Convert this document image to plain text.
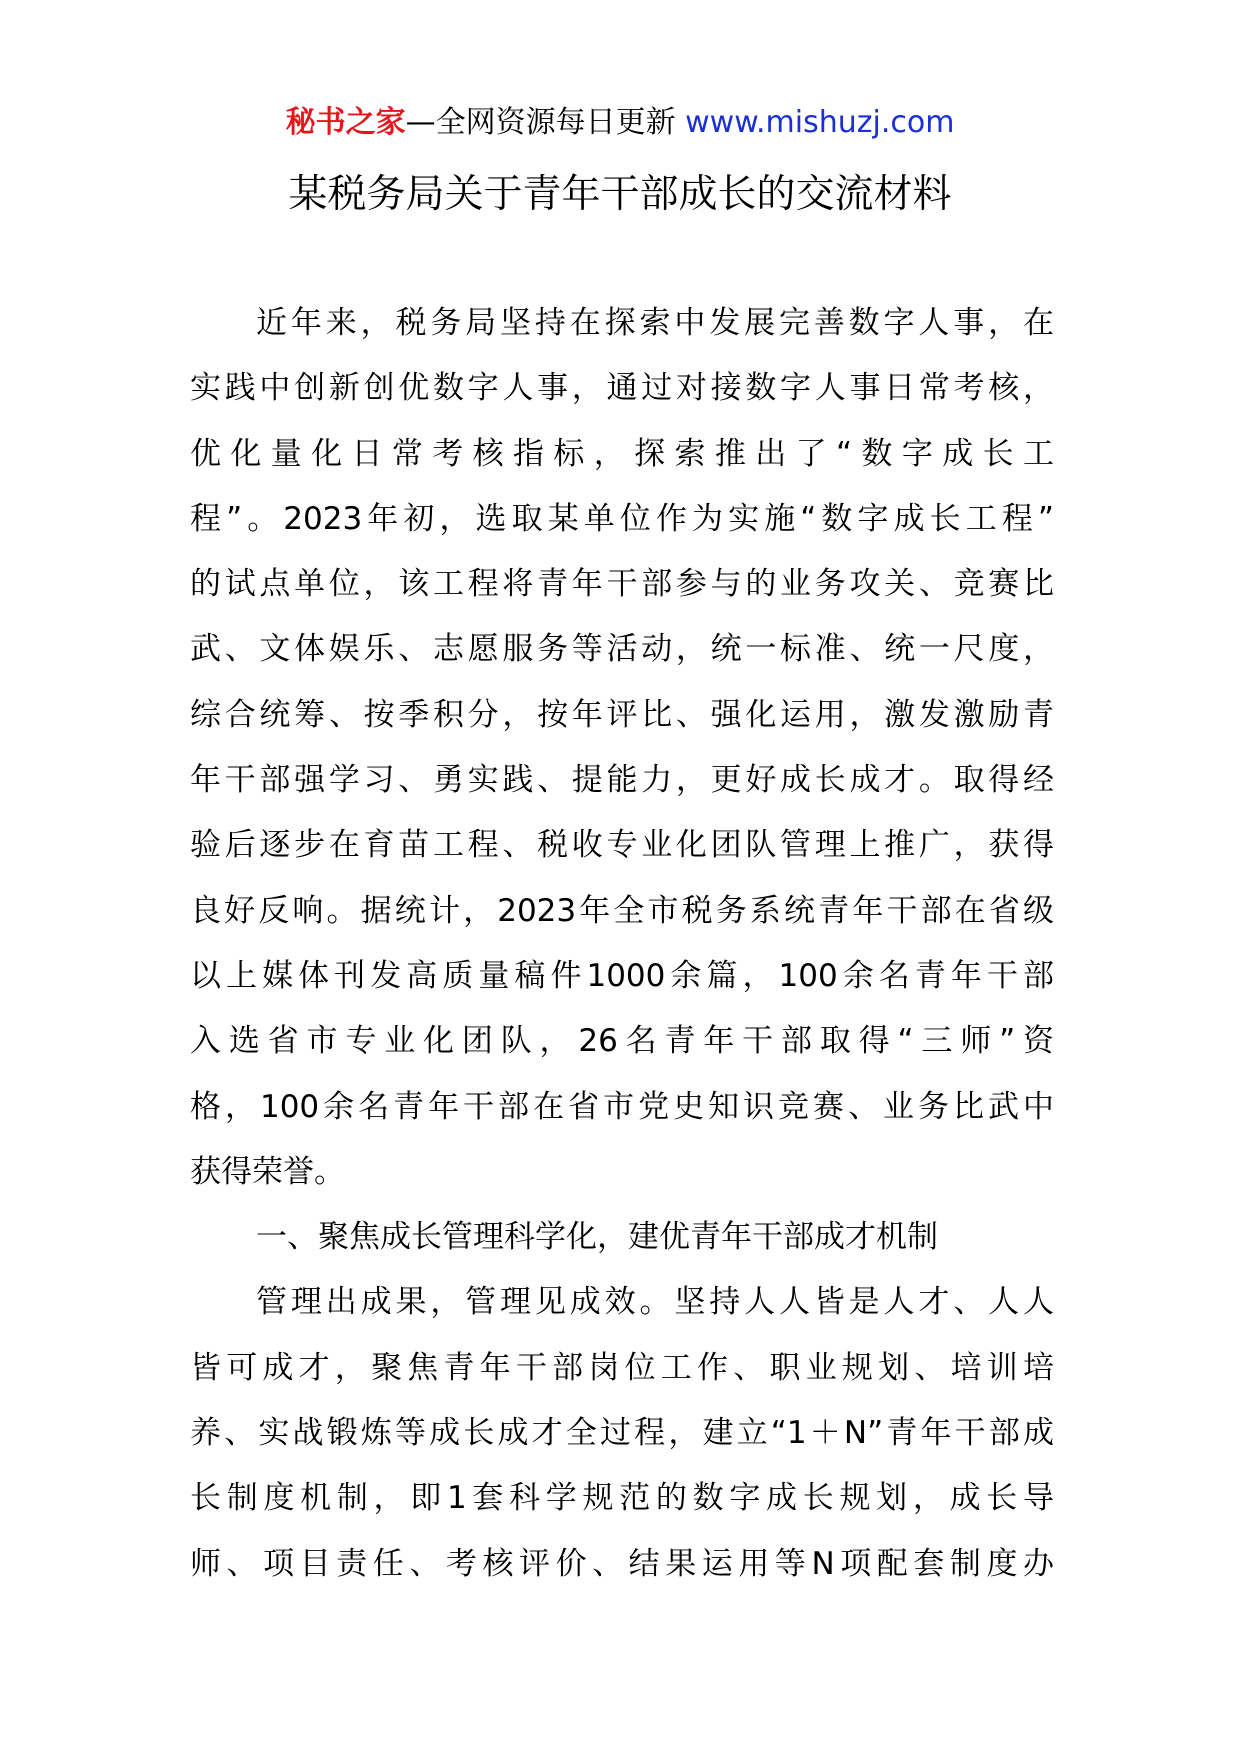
秘书之家—全网资源每日更新 www.mishuzj.com
某税务局关于青年干部成长的交流材料
近年来，税务局坚持在探索中发展完善数字人事，在
实践中创新创优数字人事，通过对接数字人事日常考核，
优化量化日常考核指标，探索推出了“数字成长工
程”。2023年初，选取某单位作为实施“数字成长工程”
的试点单位，该工程将青年干部参与的业务攻关、竞赛比
武、文体娱乐、志愿服务等活动，统一标准、统一尺度，
综合统筹、按季积分，按年评比、强化运用，激发激励青
年干部强学习、勇实践、提能力，更好成长成才。取得经
验后逐步在育苗工程、税收专业化团队管理上推广，获得
良好反响。据统计，2023年全市税务系统青年干部在省级
以上媒体刊发高质量稿件1000余篇，100余名青年干部
入选省市专业化团队，26名青年干部取得“三师”资
格，100余名青年干部在省市党史知识竞赛、业务比武中
获得荣誉。
一、聚焦成长管理科学化，建优青年干部成才机制
管理出成果，管理见成效。坚持人人皆是人才、人人
皆可成才，聚焦青年干部岗位工作、职业规划、培训培
养、实战锻炼等成长成才全过程，建立“1＋N”青年干部成
长制度机制，即1套科学规范的数字成长规划，成长导
师、项目责任、考核评价、结果运用等N项配套制度办
